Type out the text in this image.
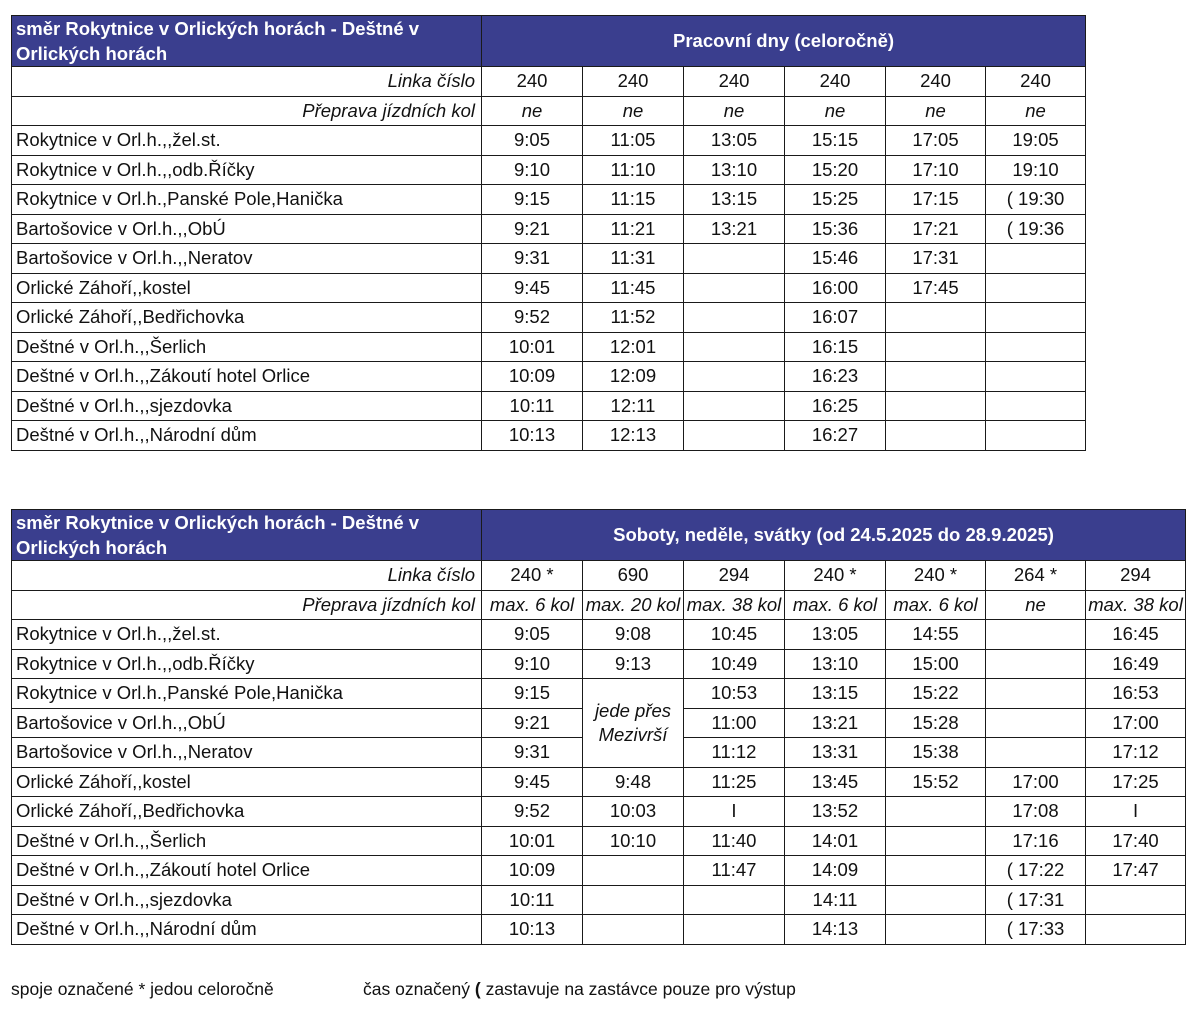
směr Rokytnice v Orlických horách - Deštné v Orlických horách	Pracovní dny (celoročně)					
Linka číslo	240	240	240	240	240	240
Přeprava jízdních kol	ne	ne	ne	ne	ne	ne
Rokytnice v Orl.h.,,žel.st.	9:05	11:05	13:05	15:15	17:05	19:05
Rokytnice v Orl.h.,,odb.Říčky	9:10	11:10	13:10	15:20	17:10	19:10
Rokytnice v Orl.h.,Panské Pole,Hanička	9:15	11:15	13:15	15:25	17:15	( 19:30
Bartošovice v Orl.h.,,ObÚ	9:21	11:21	13:21	15:36	17:21	( 19:36
Bartošovice v Orl.h.,,Neratov	9:31	11:31		15:46	17:31	
Orlické Záhoří,,kostel	9:45	11:45		16:00	17:45	
Orlické Záhoří,,Bedřichovka	9:52	11:52		16:07		
Deštné v Orl.h.,,Šerlich	10:01	12:01		16:15		
Deštné v Orl.h.,,Zákoutí hotel Orlice	10:09	12:09		16:23		
Deštné v Orl.h.,,sjezdovka	10:11	12:11		16:25		
Deštné v Orl.h.,,Národní dům	10:13	12:13		16:27		
směr Rokytnice v Orlických horách - Deštné v Orlických horách	Soboty, neděle, svátky (od 24.5.2025 do 28.9.2025)						
Linka číslo	240 *	690	294	240 *	240 *	264 *	294
Přeprava jízdních kol	max. 6 kol	max. 20 kol	max. 38 kol	max. 6 kol	max. 6 kol	ne	max. 38 kol
Rokytnice v Orl.h.,,žel.st.	9:05	9:08	10:45	13:05	14:55		16:45
Rokytnice v Orl.h.,,odb.Říčky	9:10	9:13	10:49	13:10	15:00		16:49
Rokytnice v Orl.h.,Panské Pole,Hanička	9:15	jede přes Mezivrší	10:53	13:15	15:22		16:53
Bartošovice v Orl.h.,,ObÚ	9:21		11:00	13:21	15:28		17:00
Bartošovice v Orl.h.,,Neratov	9:31		11:12	13:31	15:38		17:12
Orlické Záhoří,,kostel	9:45	9:48	11:25	13:45	15:52	17:00	17:25
Orlické Záhoří,,Bedřichovka	9:52	10:03	I	13:52		17:08	I
Deštné v Orl.h.,,Šerlich	10:01	10:10	11:40	14:01		17:16	17:40
Deštné v Orl.h.,,Zákoutí hotel Orlice	10:09		11:47	14:09		( 17:22	17:47
Deštné v Orl.h.,,sjezdovka	10:11			14:11		( 17:31	
Deštné v Orl.h.,,Národní dům	10:13			14:13		( 17:33	
spoje označené * jedou celoročně	čas označený ( zastavuje na zastávce pouze pro výstup
